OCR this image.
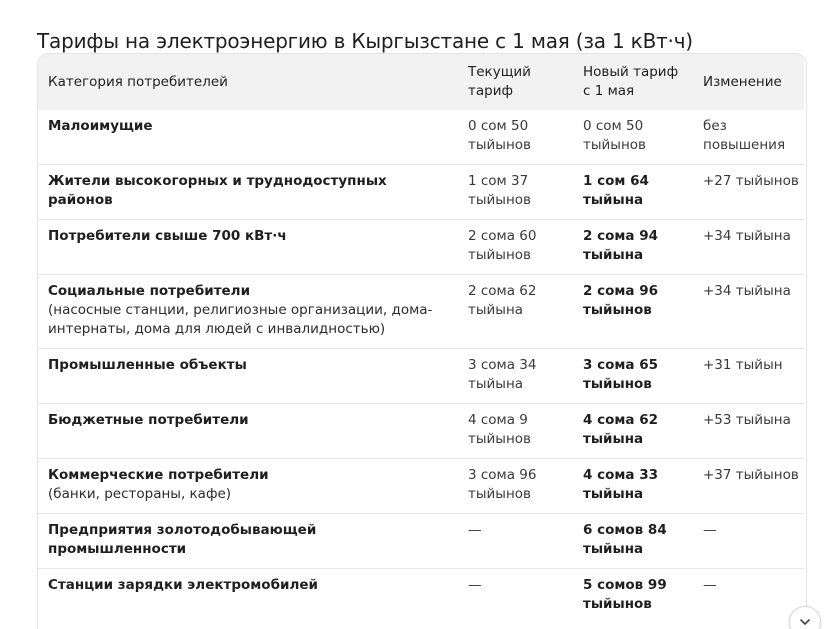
Тарифы на электроэнергию в Кыргызстане с 1 мая (за 1 кВт·ч)
Категория потребителей	Текущий тариф	Новый тариф с 1 мая	Изменение

Малоимущие	0 сом 50 тыйынов	0 сом 50 тыйынов	без повышения

Жители высокогорных и труднодоступных районов	1 сом 37 тыйынов	1 сом 64 тыйына	+27 тыйынов

Потребители свыше 700 кВт·ч	2 сома 60 тыйынов	2 сома 94 тыйына	+34 тыйына

Социальные потребители
(насосные станции, религиозные организации, дома-интернаты, дома для людей с инвалидностью)	2 сома 62 тыйына	2 сома 96 тыйынов	+34 тыйына

Промышленные объекты	3 сома 34 тыйына	3 сома 65 тыйынов	+31 тыйын

Бюджетные потребители	4 сома 9 тыйынов	4 сома 62 тыйына	+53 тыйына

Коммерческие потребители
(банки, рестораны, кафе)	3 сома 96 тыйынов	4 сома 33 тыйына	+37 тыйынов

Предприятия золотодобывающей промышленности	—	6 сомов 84 тыйына	—

Станции зарядки электромобилей	—	5 сомов 99 тыйынов	—
